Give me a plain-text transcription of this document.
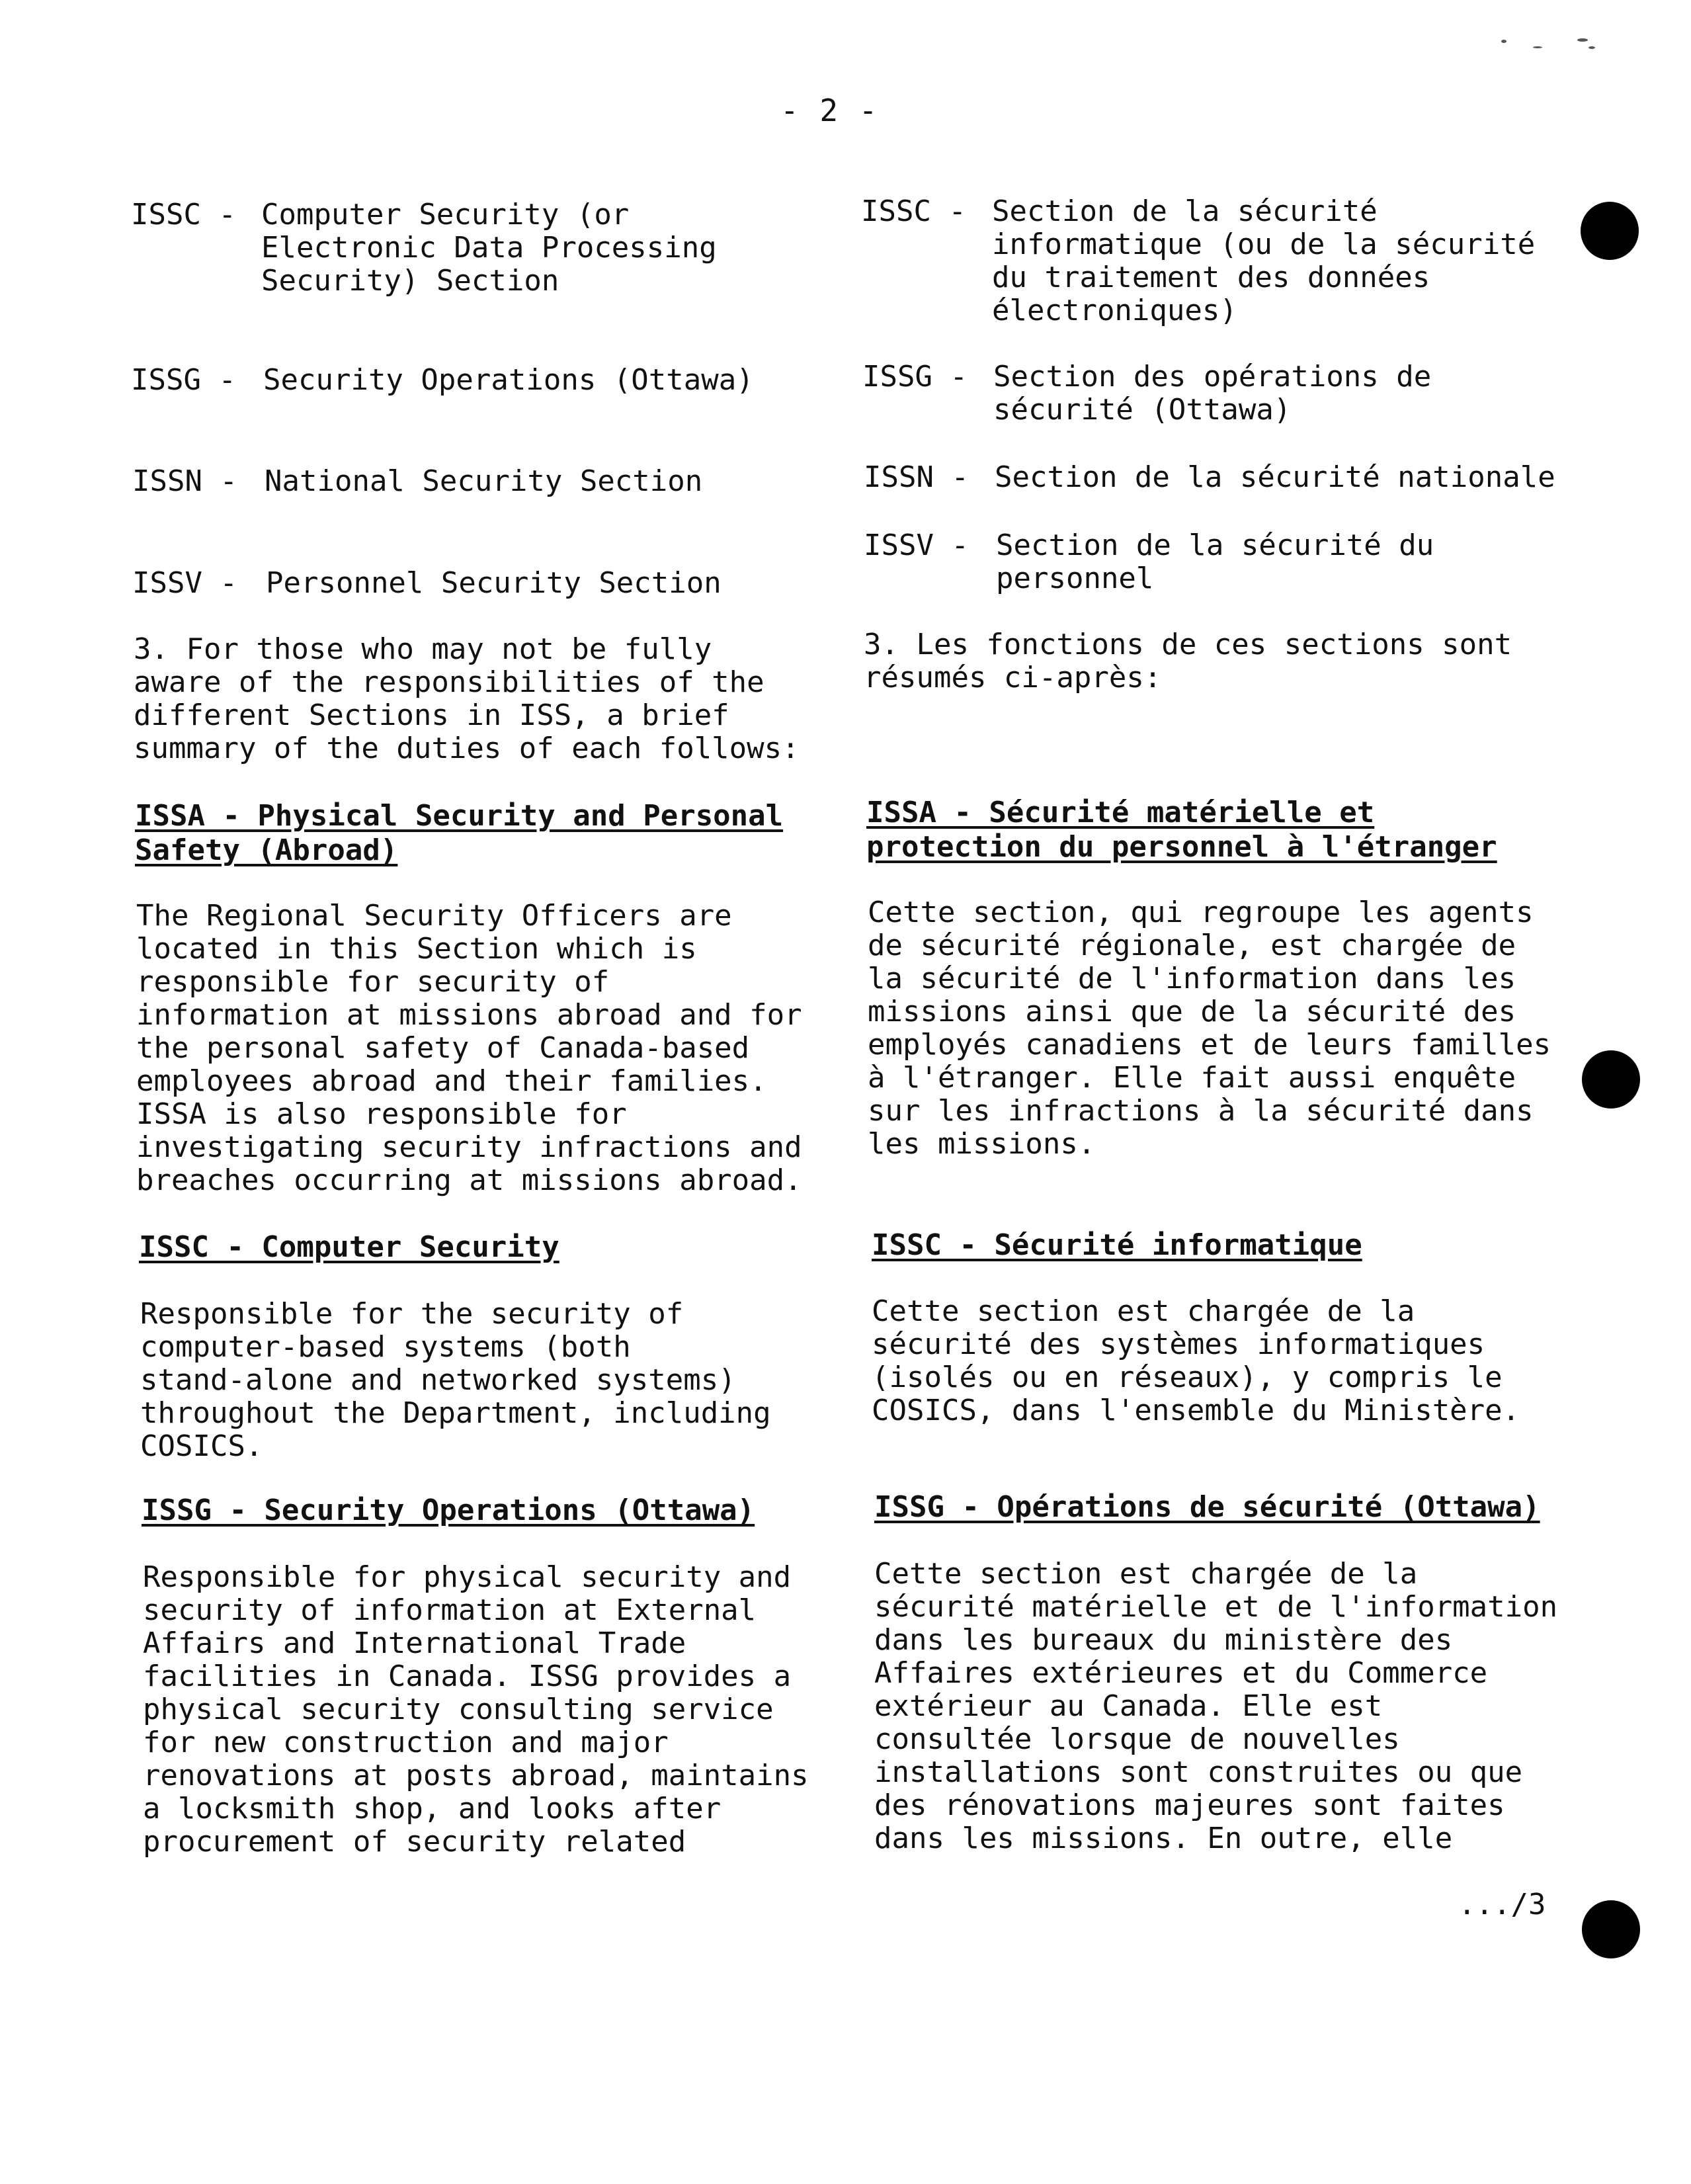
- 2 -
ISSC - Computer Security (or
Electronic Data Processing
Security) Section
ISSG - Security Operations (Ottawa)
ISSN - National Security Section
ISSV - Personnel Security Section
3. For those who may not be fully
aware of the responsibilities of the
different Sections in ISS, a brief
summary of the duties of each follows:
ISSA - Physical Security and Personal
Safety (Abroad)
The Regional Security Officers are
located in this Section which is
responsible for security of
information at missions abroad and for
the personal safety of Canada-based
employees abroad and their families.
ISSA is also responsible for
investigating security infractions and
breaches occurring at missions abroad.
ISSC - Computer Security
Responsible for the security of
computer-based systems (both
stand-alone and networked systems)
throughout the Department, including
COSICS.
ISSG - Security Operations (Ottawa)
Responsible for physical security and
security of information at External
Affairs and International Trade
facilities in Canada. ISSG provides a
physical security consulting service
for new construction and major
renovations at posts abroad, maintains
a locksmith shop, and looks after
procurement of security related
ISSC - Section de la sécurité
informatique (ou de la sécurité
du traitement des données
électroniques)
ISSG - Section des opérations de
sécurité (Ottawa)
ISSN - Section de la sécurité nationale
ISSV - Section de la sécurité du
personnel
3. Les fonctions de ces sections sont
résumés ci-après:
ISSA - Sécurité matérielle et
protection du personnel à l'étranger
Cette section, qui regroupe les agents
de sécurité régionale, est chargée de
la sécurité de l'information dans les
missions ainsi que de la sécurité des
employés canadiens et de leurs familles
à l'étranger. Elle fait aussi enquête
sur les infractions à la sécurité dans
les missions.
ISSC - Sécurité informatique
Cette section est chargée de la
sécurité des systèmes informatiques
(isolés ou en réseaux), y compris le
COSICS, dans l'ensemble du Ministère.
ISSG - Opérations de sécurité (Ottawa)
Cette section est chargée de la
sécurité matérielle et de l'information
dans les bureaux du ministère des
Affaires extérieures et du Commerce
extérieur au Canada. Elle est
consultée lorsque de nouvelles
installations sont construites ou que
des rénovations majeures sont faites
dans les missions. En outre, elle
.../3
